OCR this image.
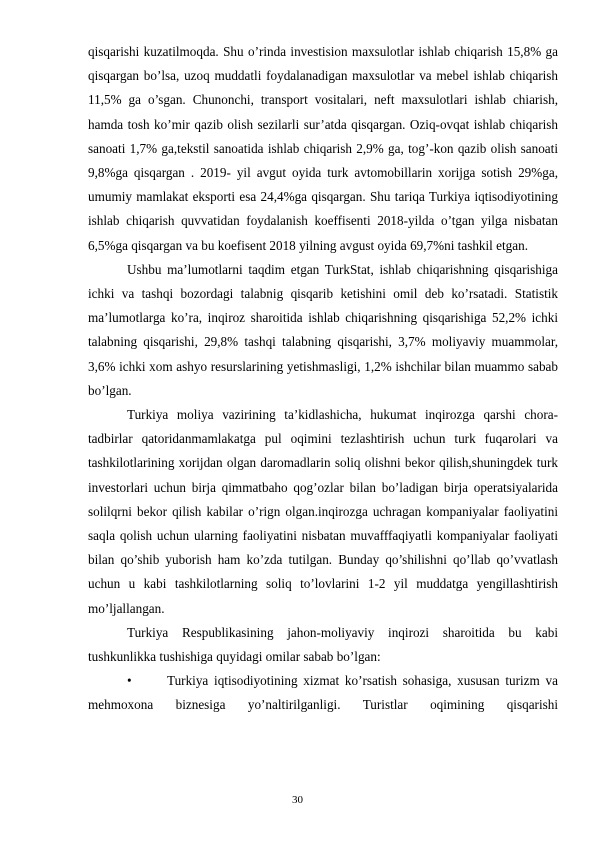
qisqarishi kuzatilmoqda. Shu o’rinda investision maxsulotlar ishlab chiqarish 15,8% ga qisqargan bo’lsa, uzoq muddatli foydalanadigan maxsulotlar va mebel ishlab chiqarish 11,5% ga o’sgan. Chunonchi, transport vositalari, neft maxsulotlari ishlab chiarish, hamda tosh ko’mir qazib olish sezilarli sur’atda qisqargan. Oziq-ovqat ishlab chiqarish sanoati 1,7% ga,tekstil sanoatida ishlab chiqarish 2,9% ga, tog’-kon qazib olish sanoati 9,8%ga qisqargan . 2019- yil avgut oyida turk avtomobillarin xorijga sotish 29%ga, umumiy mamlakat eksporti esa 24,4%ga qisqargan. Shu tariqa Turkiya iqtisodiyotining ishlab chiqarish quvvatidan foydalanish koeffisenti 2018-yilda o’tgan yilga nisbatan 6,5%ga qisqargan va bu koefisent 2018 yilning avgust oyida 69,7%ni tashkil etgan.

Ushbu ma’lumotlarni taqdim etgan TurkStat, ishlab chiqarishning qisqarishiga ichki va tashqi bozordagi talabnig qisqarib ketishini omil deb ko’rsatadi. Statistik ma’lumotlarga ko’ra, inqiroz sharoitida ishlab chiqarishning qisqarishiga 52,2% ichki talabning qisqarishi, 29,8% tashqi talabning qisqarishi, 3,7% moliyaviy muammolar, 3,6% ichki xom ashyo resurslarining yetishmasligi, 1,2% ishchilar bilan muammo sabab bo’lgan.

Turkiya moliya vazirining ta’kidlashicha, hukumat inqirozga qarshi chora-tadbirlar qatoridanmamlakatga pul oqimini tezlashtirish uchun turk fuqarolari va tashkilotlarining xorijdan olgan daromadlarin soliq olishni bekor qilish,shuningdek turk investorlari uchun birja qimmatbaho qog’ozlar bilan bo’ladigan birja operatsiyalarida solilqrni bekor qilish kabilar o’rign olgan.inqirozga uchragan kompaniyalar faoliyatini saqla qolish uchun ularning faoliyatini nisbatan muvafffaqiyatli kompaniyalar faoliyati bilan qo’shib yuborish ham ko’zda tutilgan. Bunday qo’shilishni qo’llab qo’vvatlash uchun u kabi tashkilotlarning soliq to’lovlarini 1-2 yil muddatga yengillashtirish mo’ljallangan.

Turkiya Respublikasining jahon-moliyaviy inqirozi sharoitida bu kabi tushkunlikka tushishiga quyidagi omilar sabab bo’lgan:

•	Turkiya iqtisodiyotining xizmat ko’rsatish sohasiga, xususan turizm va mehmoxona biznesiga yo’naltirilganligi. Turistlar oqimining qisqarishi

30
